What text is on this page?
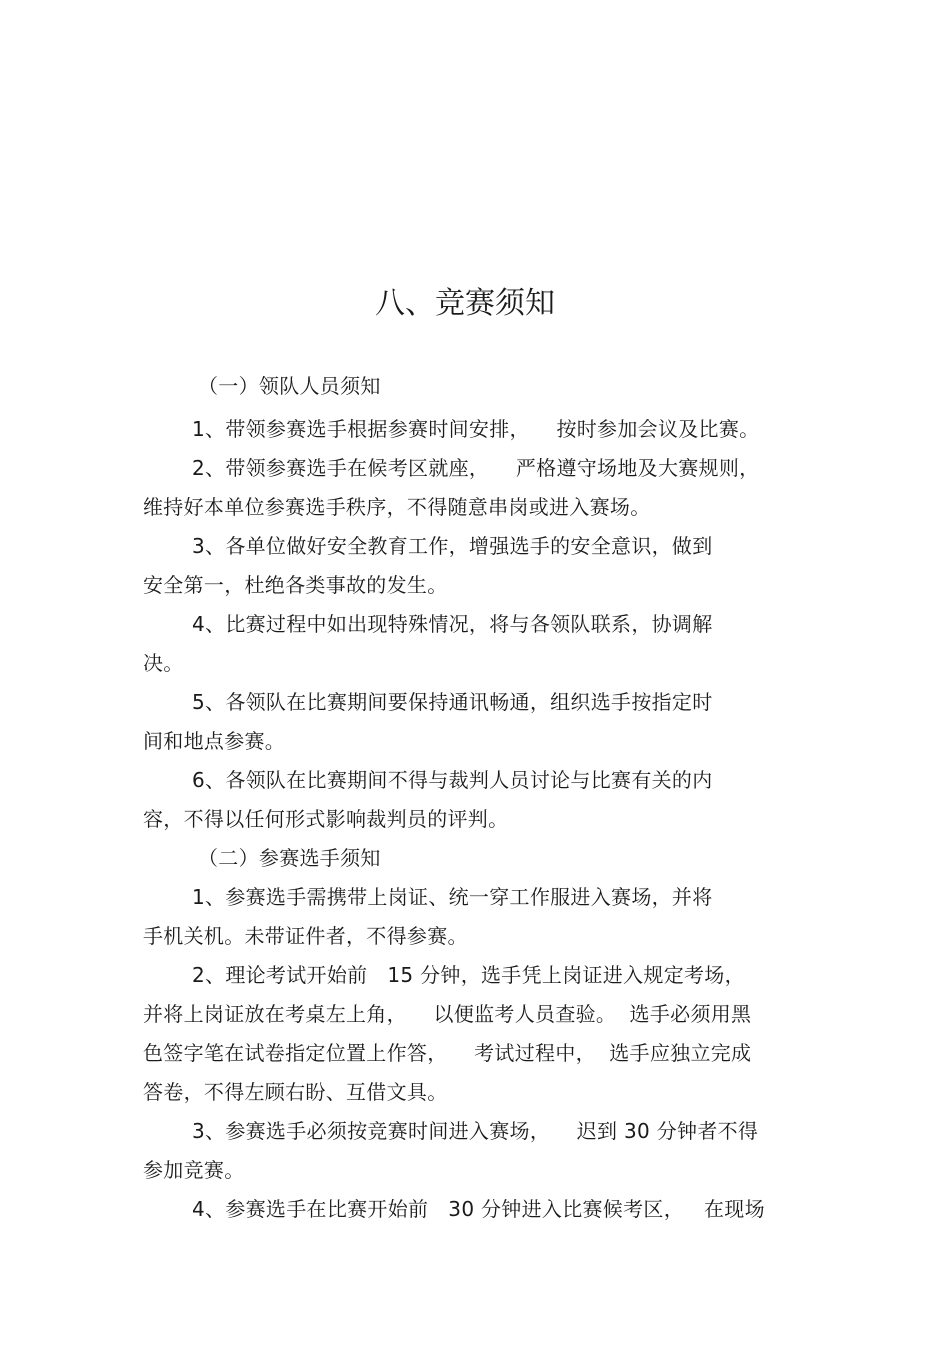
八、竞赛须知
（一）领队人员须知
1、带领参赛选手根据参赛时间安排，    按时参加会议及比赛。
2、带领参赛选手在候考区就座，    严格遵守场地及大赛规则，
维持好本单位参赛选手秩序，不得随意串岗或进入赛场。
3、各单位做好安全教育工作，增强选手的安全意识，做到
安全第一，杜绝各类事故的发生。
4、比赛过程中如出现特殊情况，将与各领队联系，协调解
决。
5、各领队在比赛期间要保持通讯畅通，组织选手按指定时
间和地点参赛。
6、各领队在比赛期间不得与裁判人员讨论与比赛有关的内
容，不得以任何形式影响裁判员的评判。
（二）参赛选手须知
1、参赛选手需携带上岗证、统一穿工作服进入赛场，并将
手机关机。未带证件者，不得参赛。
2、理论考试开始前   15 分钟，选手凭上岗证进入规定考场，
并将上岗证放在考桌左上角，    以便监考人员查验。  选手必须用黑
色签字笔在试卷指定位置上作答，    考试过程中，  选手应独立完成
答卷，不得左顾右盼、互借文具。
3、参赛选手必须按竞赛时间进入赛场，    迟到 30 分钟者不得
参加竞赛。
4、参赛选手在比赛开始前   30 分钟进入比赛候考区，   在现场
